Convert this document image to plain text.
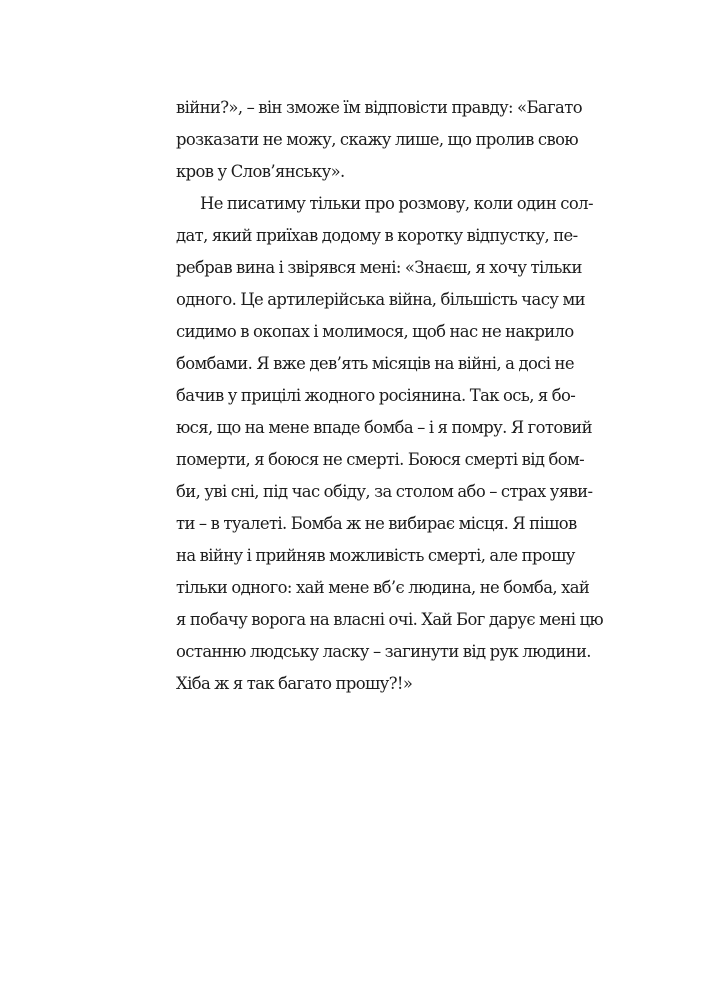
війни?», – він зможе їм відповісти правду: «Багато
розказати не можу, скажу лише, що пролив свою
кров у Слов’янську».
Не писатиму тільки про розмову, коли один сол-
дат, який приїхав додому в коротку відпустку, пе-
ребрав вина і звірявся мені: «Знаєш, я хочу тільки
одного. Це артилерійська війна, більшість часу ми
сидимо в окопах і молимося, щоб нас не накрило
бомбами. Я вже дев’ять місяців на війні, а досі не
бачив у прицілі жодного росіянина. Так ось, я бо-
юся, що на мене впаде бомба – і я помру. Я готовий
померти, я боюся не смерті. Боюся смерті від бом-
би, уві сні, під час обіду, за столом або – страх уяви-
ти – в туалеті. Бомба ж не вибирає місця. Я пішов
на війну і прийняв можливість смерті, але прошу
тільки одного: хай мене вб’є людина, не бомба, хай
я побачу ворога на власні очі. Хай Бог дарує мені цю
останню людську ласку – загинути від рук людини.
Хіба ж я так багато прошу?!»
